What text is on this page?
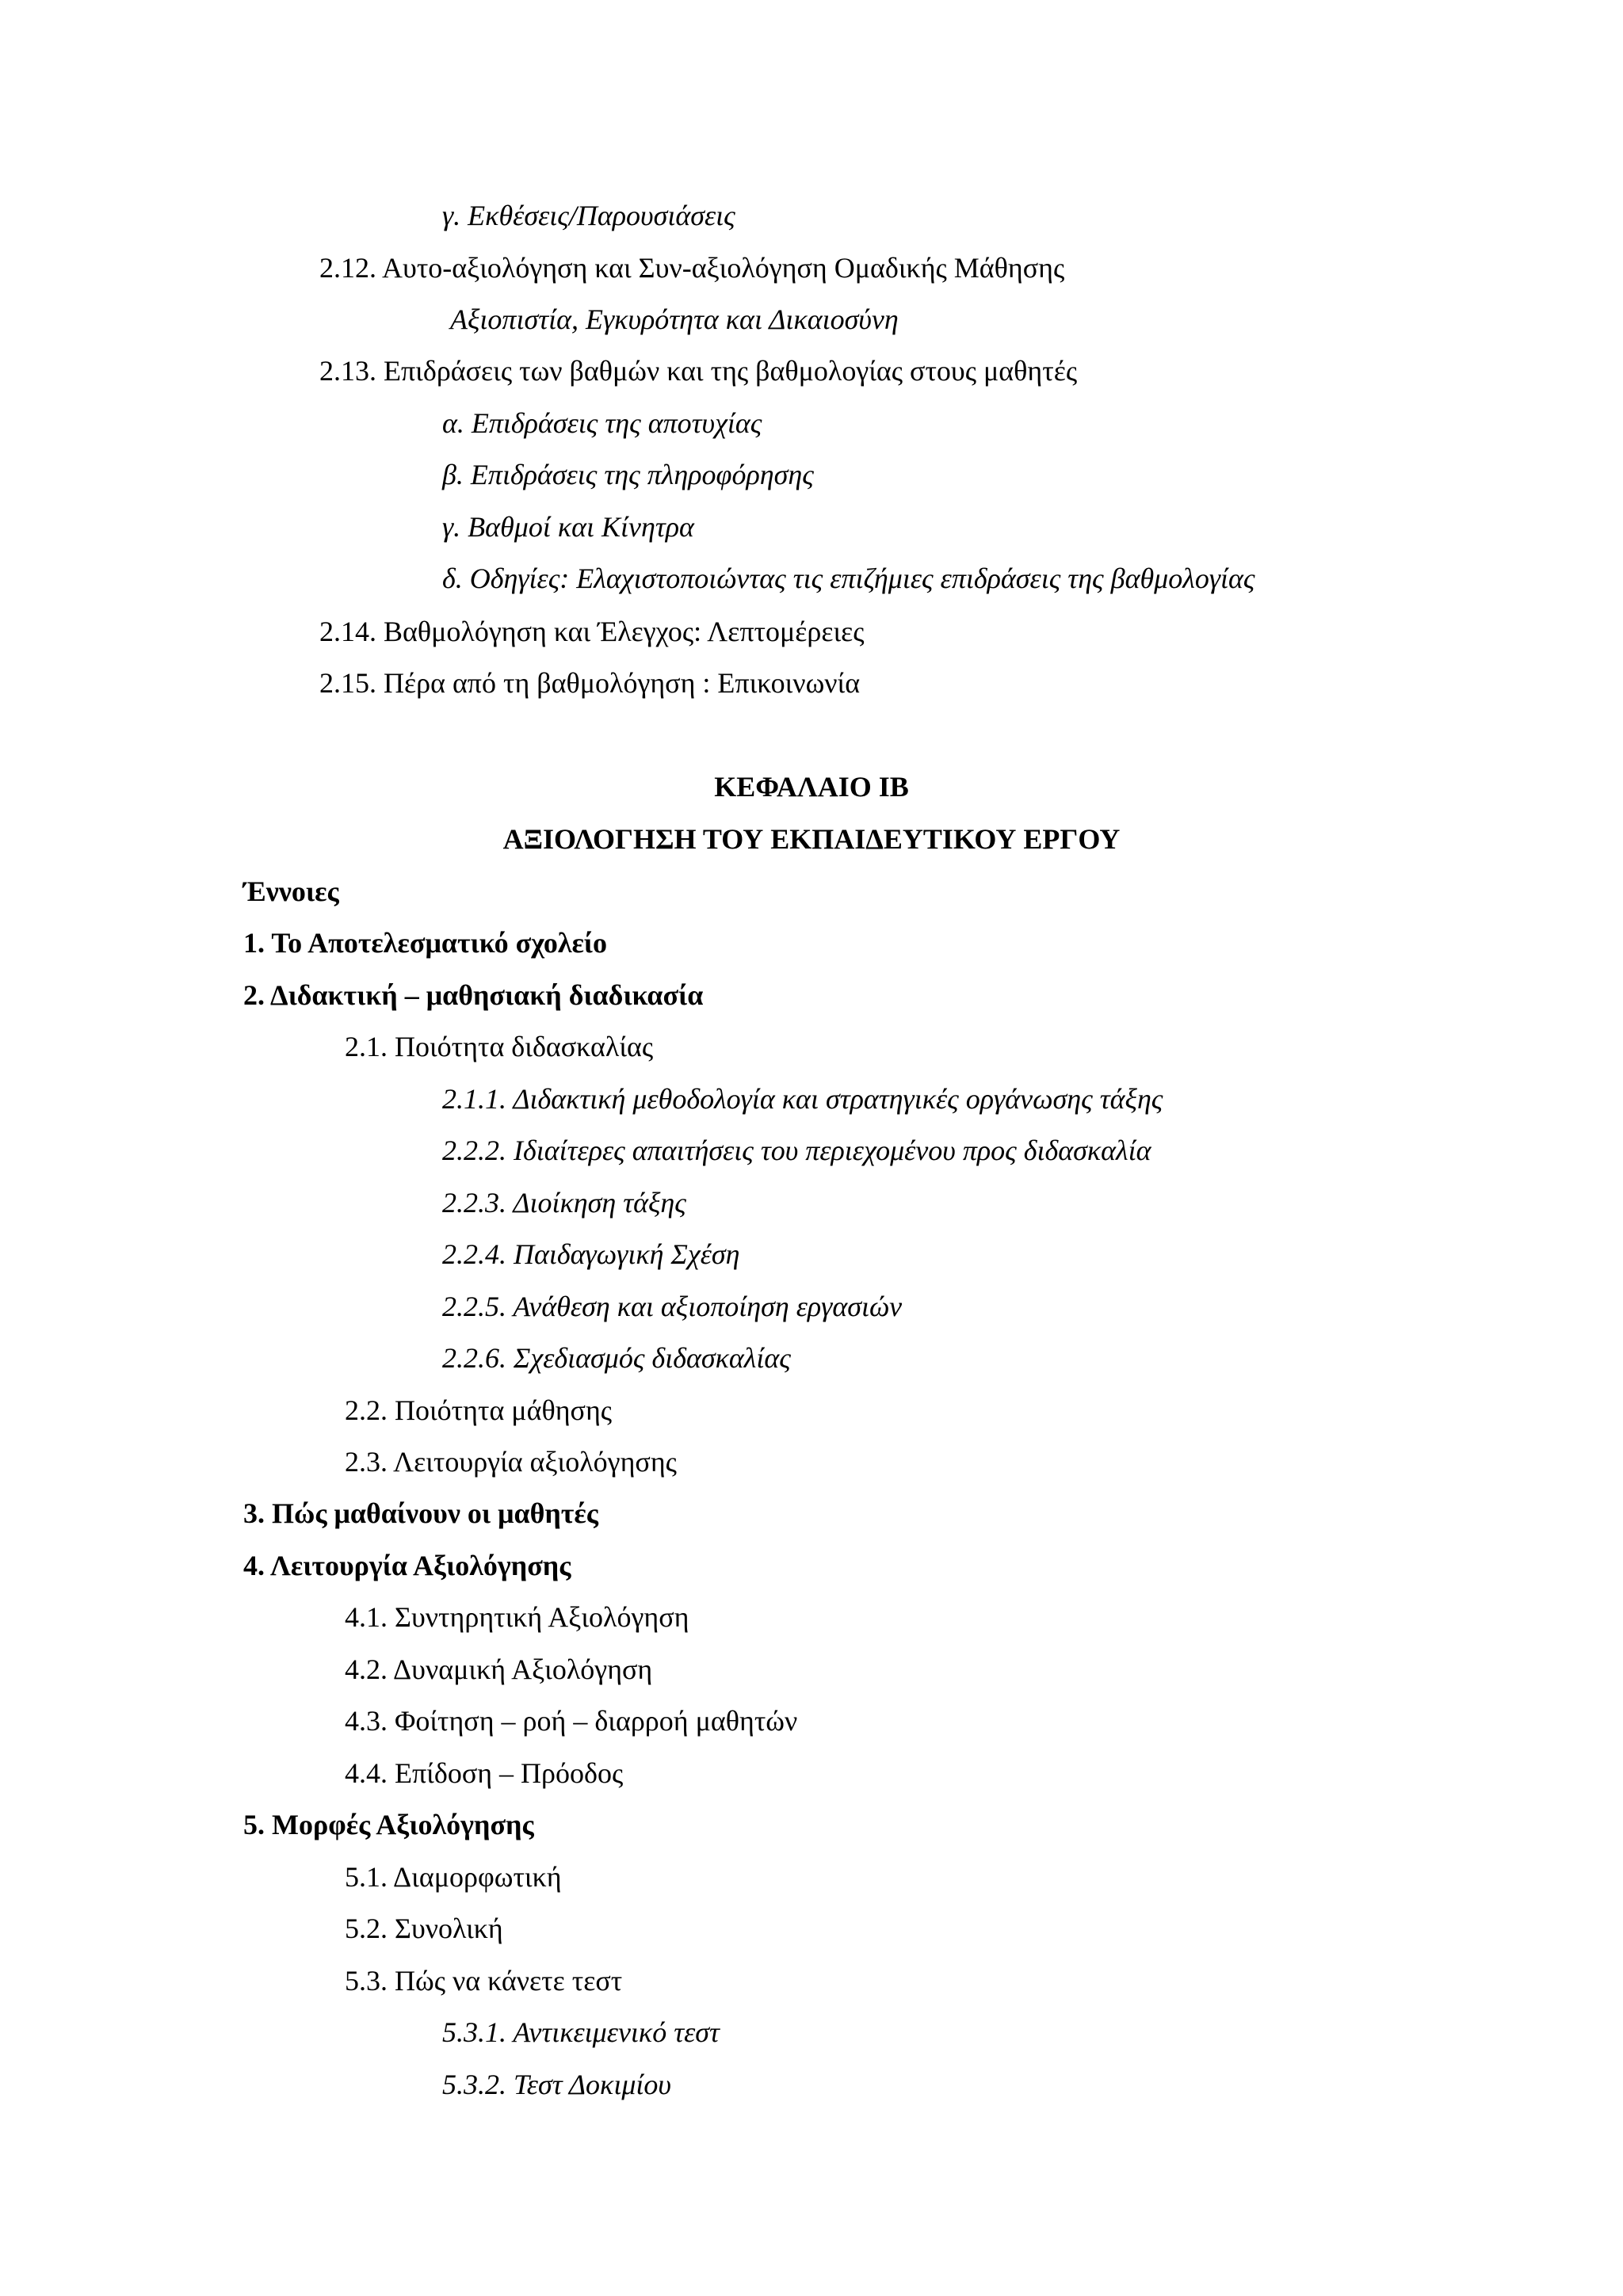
γ. Εκθέσεις/Παρουσιάσεις
2.12. Αυτο-αξιολόγηση και Συν-αξιολόγηση Ομαδικής Μάθησης
Αξιοπιστία, Εγκυρότητα και Δικαιοσύνη
2.13. Επιδράσεις των βαθμών και της βαθμολογίας στους μαθητές
α. Επιδράσεις της αποτυχίας
β. Επιδράσεις της πληροφόρησης
γ. Βαθμοί και Κίνητρα
δ. Οδηγίες: Ελαχιστοποιώντας τις επιζήμιες επιδράσεις της βαθμολογίας
2.14. Βαθμολόγηση και Έλεγχος: Λεπτομέρειες
2.15. Πέρα από τη βαθμολόγηση : Επικοινωνία
ΚΕΦΑΛΑΙΟ ΙΒ
ΑΞΙΟΛΟΓΗΣΗ ΤΟΥ ΕΚΠΑΙΔΕΥΤΙΚΟΥ ΕΡΓΟΥ
Έννοιες
1. Το Αποτελεσματικό σχολείο
2. Διδακτική – μαθησιακή διαδικασία
2.1. Ποιότητα διδασκαλίας
2.1.1. Διδακτική μεθοδολογία και στρατηγικές οργάνωσης τάξης
2.2.2. Ιδιαίτερες απαιτήσεις του περιεχομένου προς διδασκαλία
2.2.3. Διοίκηση τάξης
2.2.4. Παιδαγωγική Σχέση
2.2.5. Ανάθεση και αξιοποίηση εργασιών
2.2.6. Σχεδιασμός διδασκαλίας
2.2. Ποιότητα μάθησης
2.3. Λειτουργία αξιολόγησης
3. Πώς μαθαίνουν οι μαθητές
4. Λειτουργία Αξιολόγησης
4.1. Συντηρητική Αξιολόγηση
4.2. Δυναμική Αξιολόγηση
4.3. Φοίτηση – ροή – διαρροή μαθητών
4.4. Επίδοση – Πρόοδος
5. Μορφές Αξιολόγησης
5.1. Διαμορφωτική
5.2. Συνολική
5.3. Πώς να κάνετε τεστ
5.3.1. Αντικειμενικό τεστ
5.3.2. Τεστ Δοκιμίου
